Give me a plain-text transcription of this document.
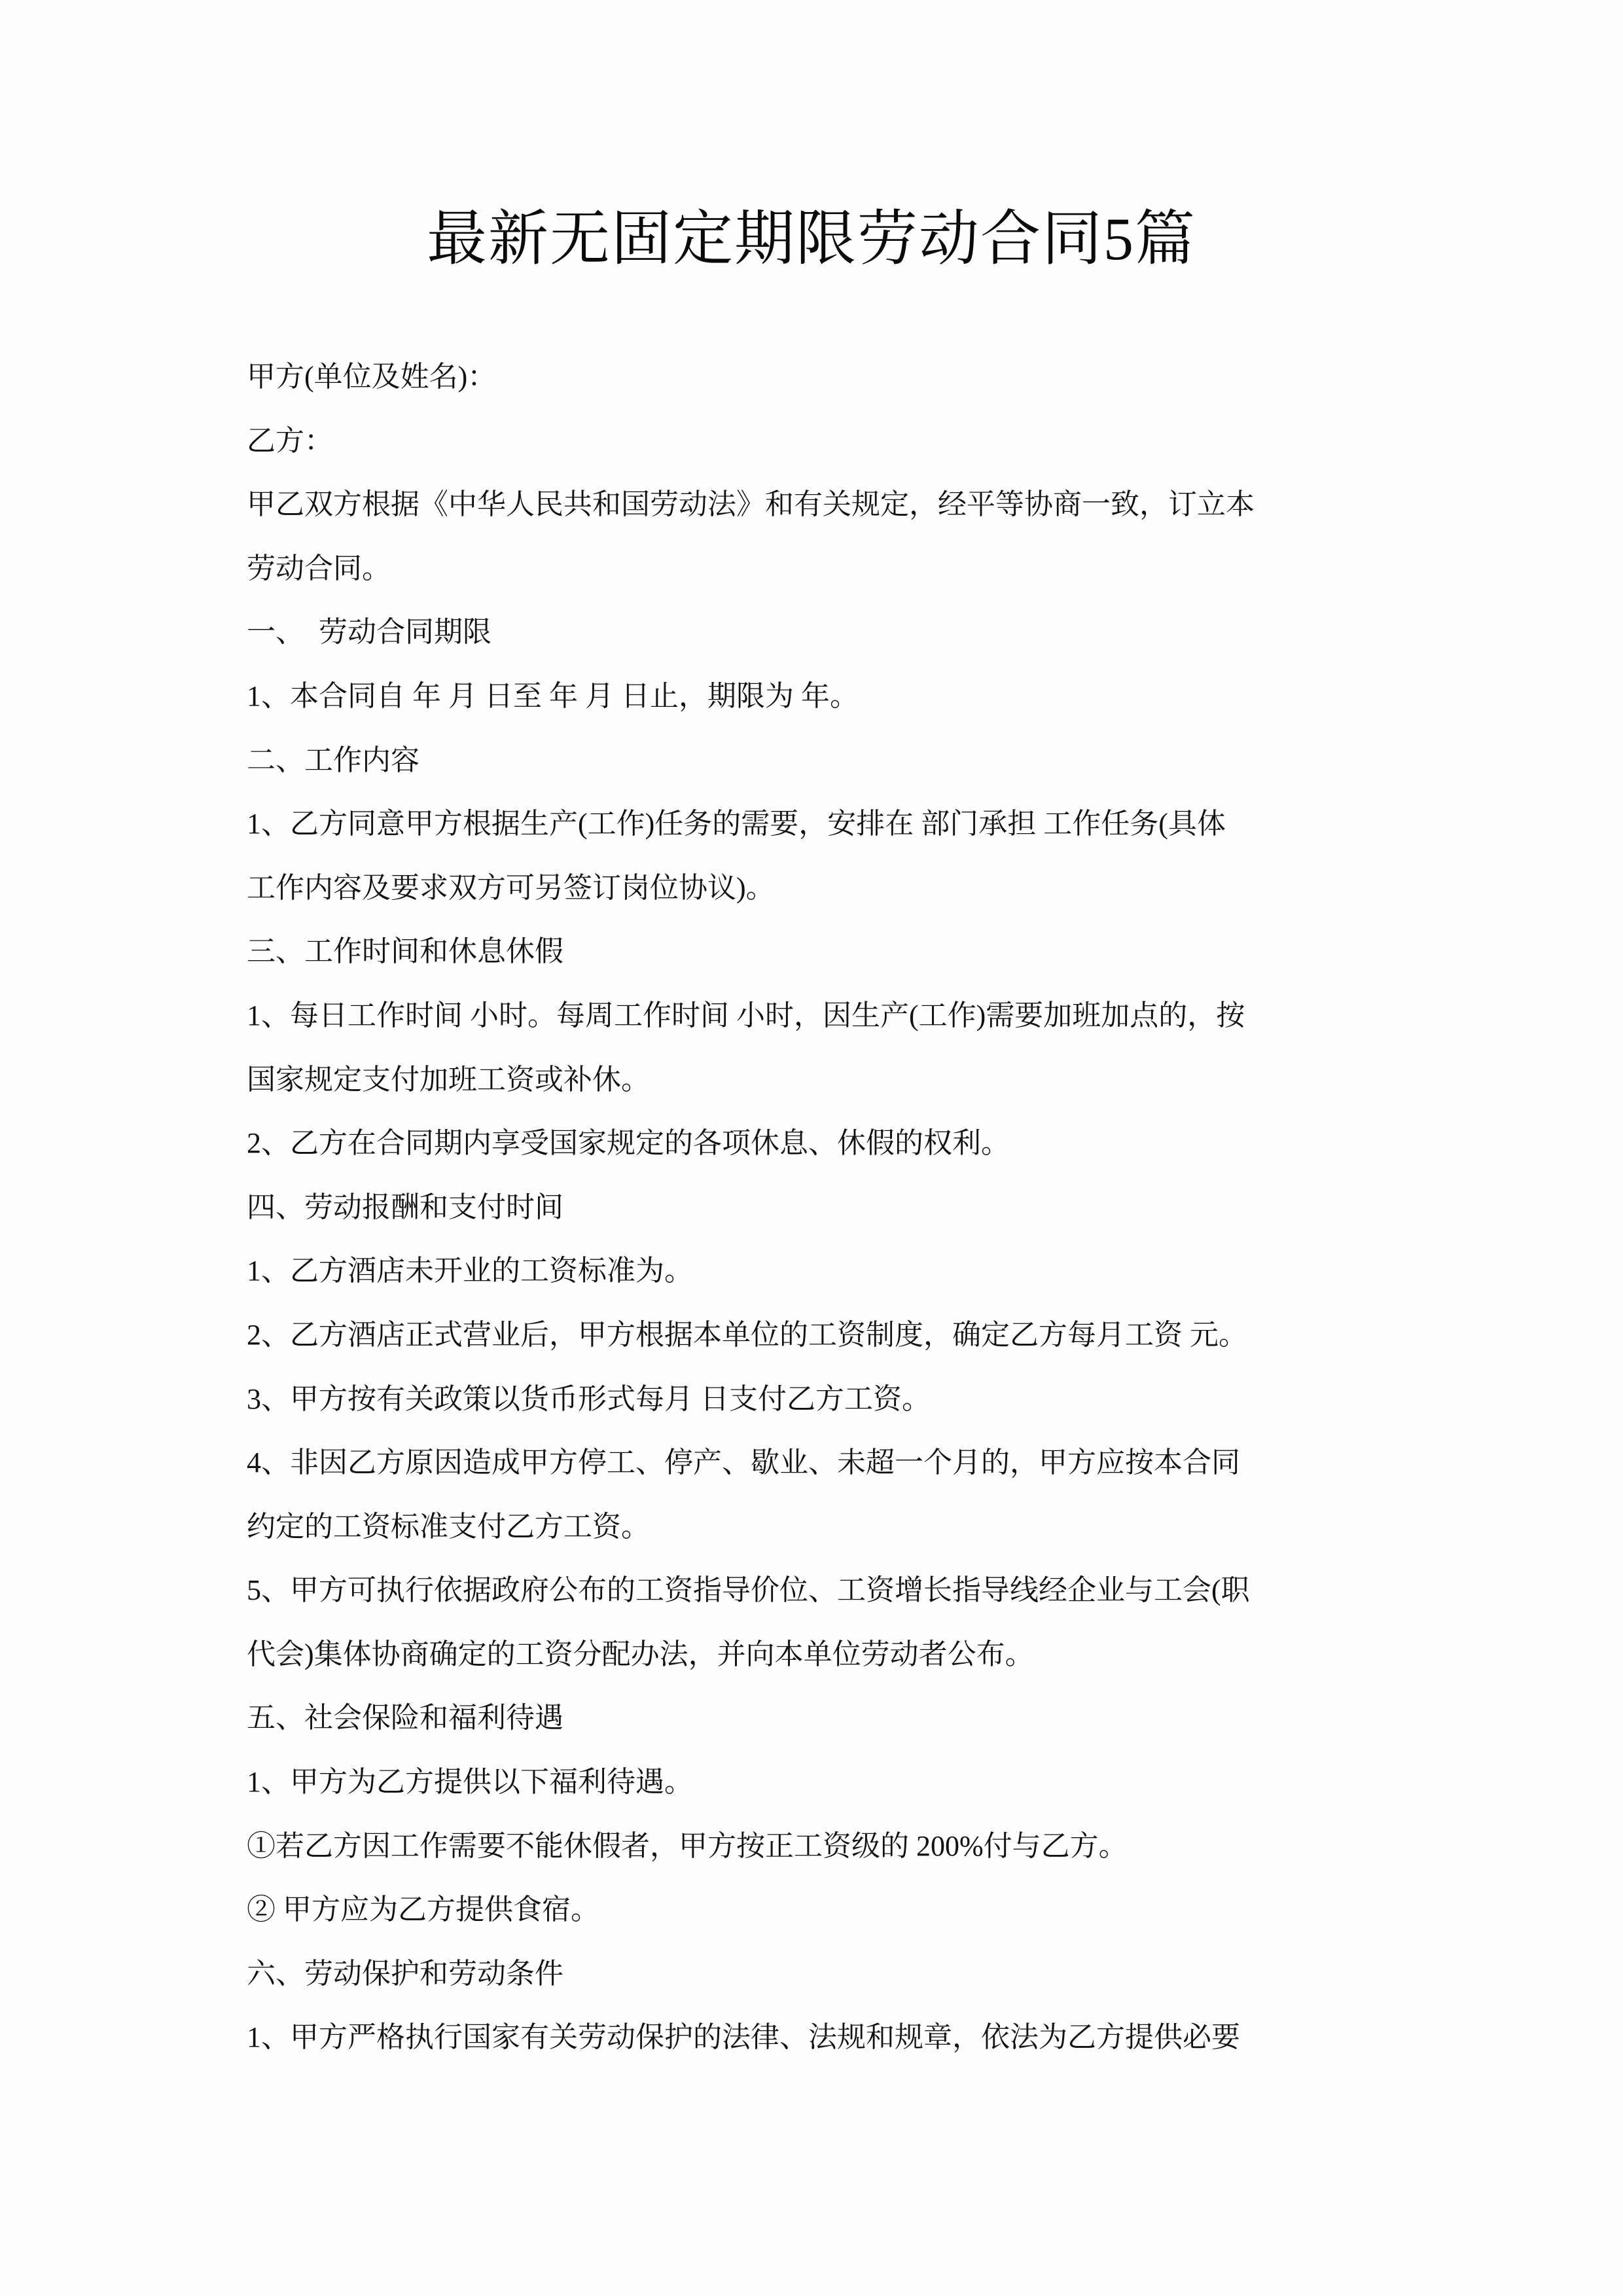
最新无固定期限劳动合同5篇
甲方(单位及姓名)：
乙方：
甲乙双方根据《中华人民共和国劳动法》和有关规定，经平等协商一致，订立本
劳动合同。
一、  劳动合同期限
1、本合同自 年 月 日至 年 月 日止，期限为 年。
二、工作内容
1、乙方同意甲方根据生产(工作)任务的需要，安排在 部门承担 工作任务(具体
工作内容及要求双方可另签订岗位协议)。
三、工作时间和休息休假
1、每日工作时间 小时。每周工作时间 小时，因生产(工作)需要加班加点的，按
国家规定支付加班工资或补休。
2、乙方在合同期内享受国家规定的各项休息、休假的权利。
四、劳动报酬和支付时间
1、乙方酒店未开业的工资标准为。
2、乙方酒店正式营业后，甲方根据本单位的工资制度，确定乙方每月工资 元。
3、甲方按有关政策以货币形式每月 日支付乙方工资。
4、非因乙方原因造成甲方停工、停产、歇业、未超一个月的，甲方应按本合同
约定的工资标准支付乙方工资。
5、甲方可执行依据政府公布的工资指导价位、工资增长指导线经企业与工会(职
代会)集体协商确定的工资分配办法，并向本单位劳动者公布。
五、社会保险和福利待遇
1、甲方为乙方提供以下福利待遇。
①若乙方因工作需要不能休假者，甲方按正工资级的 200%付与乙方。
② 甲方应为乙方提供食宿。
六、劳动保护和劳动条件
1、甲方严格执行国家有关劳动保护的法律、法规和规章，依法为乙方提供必要
